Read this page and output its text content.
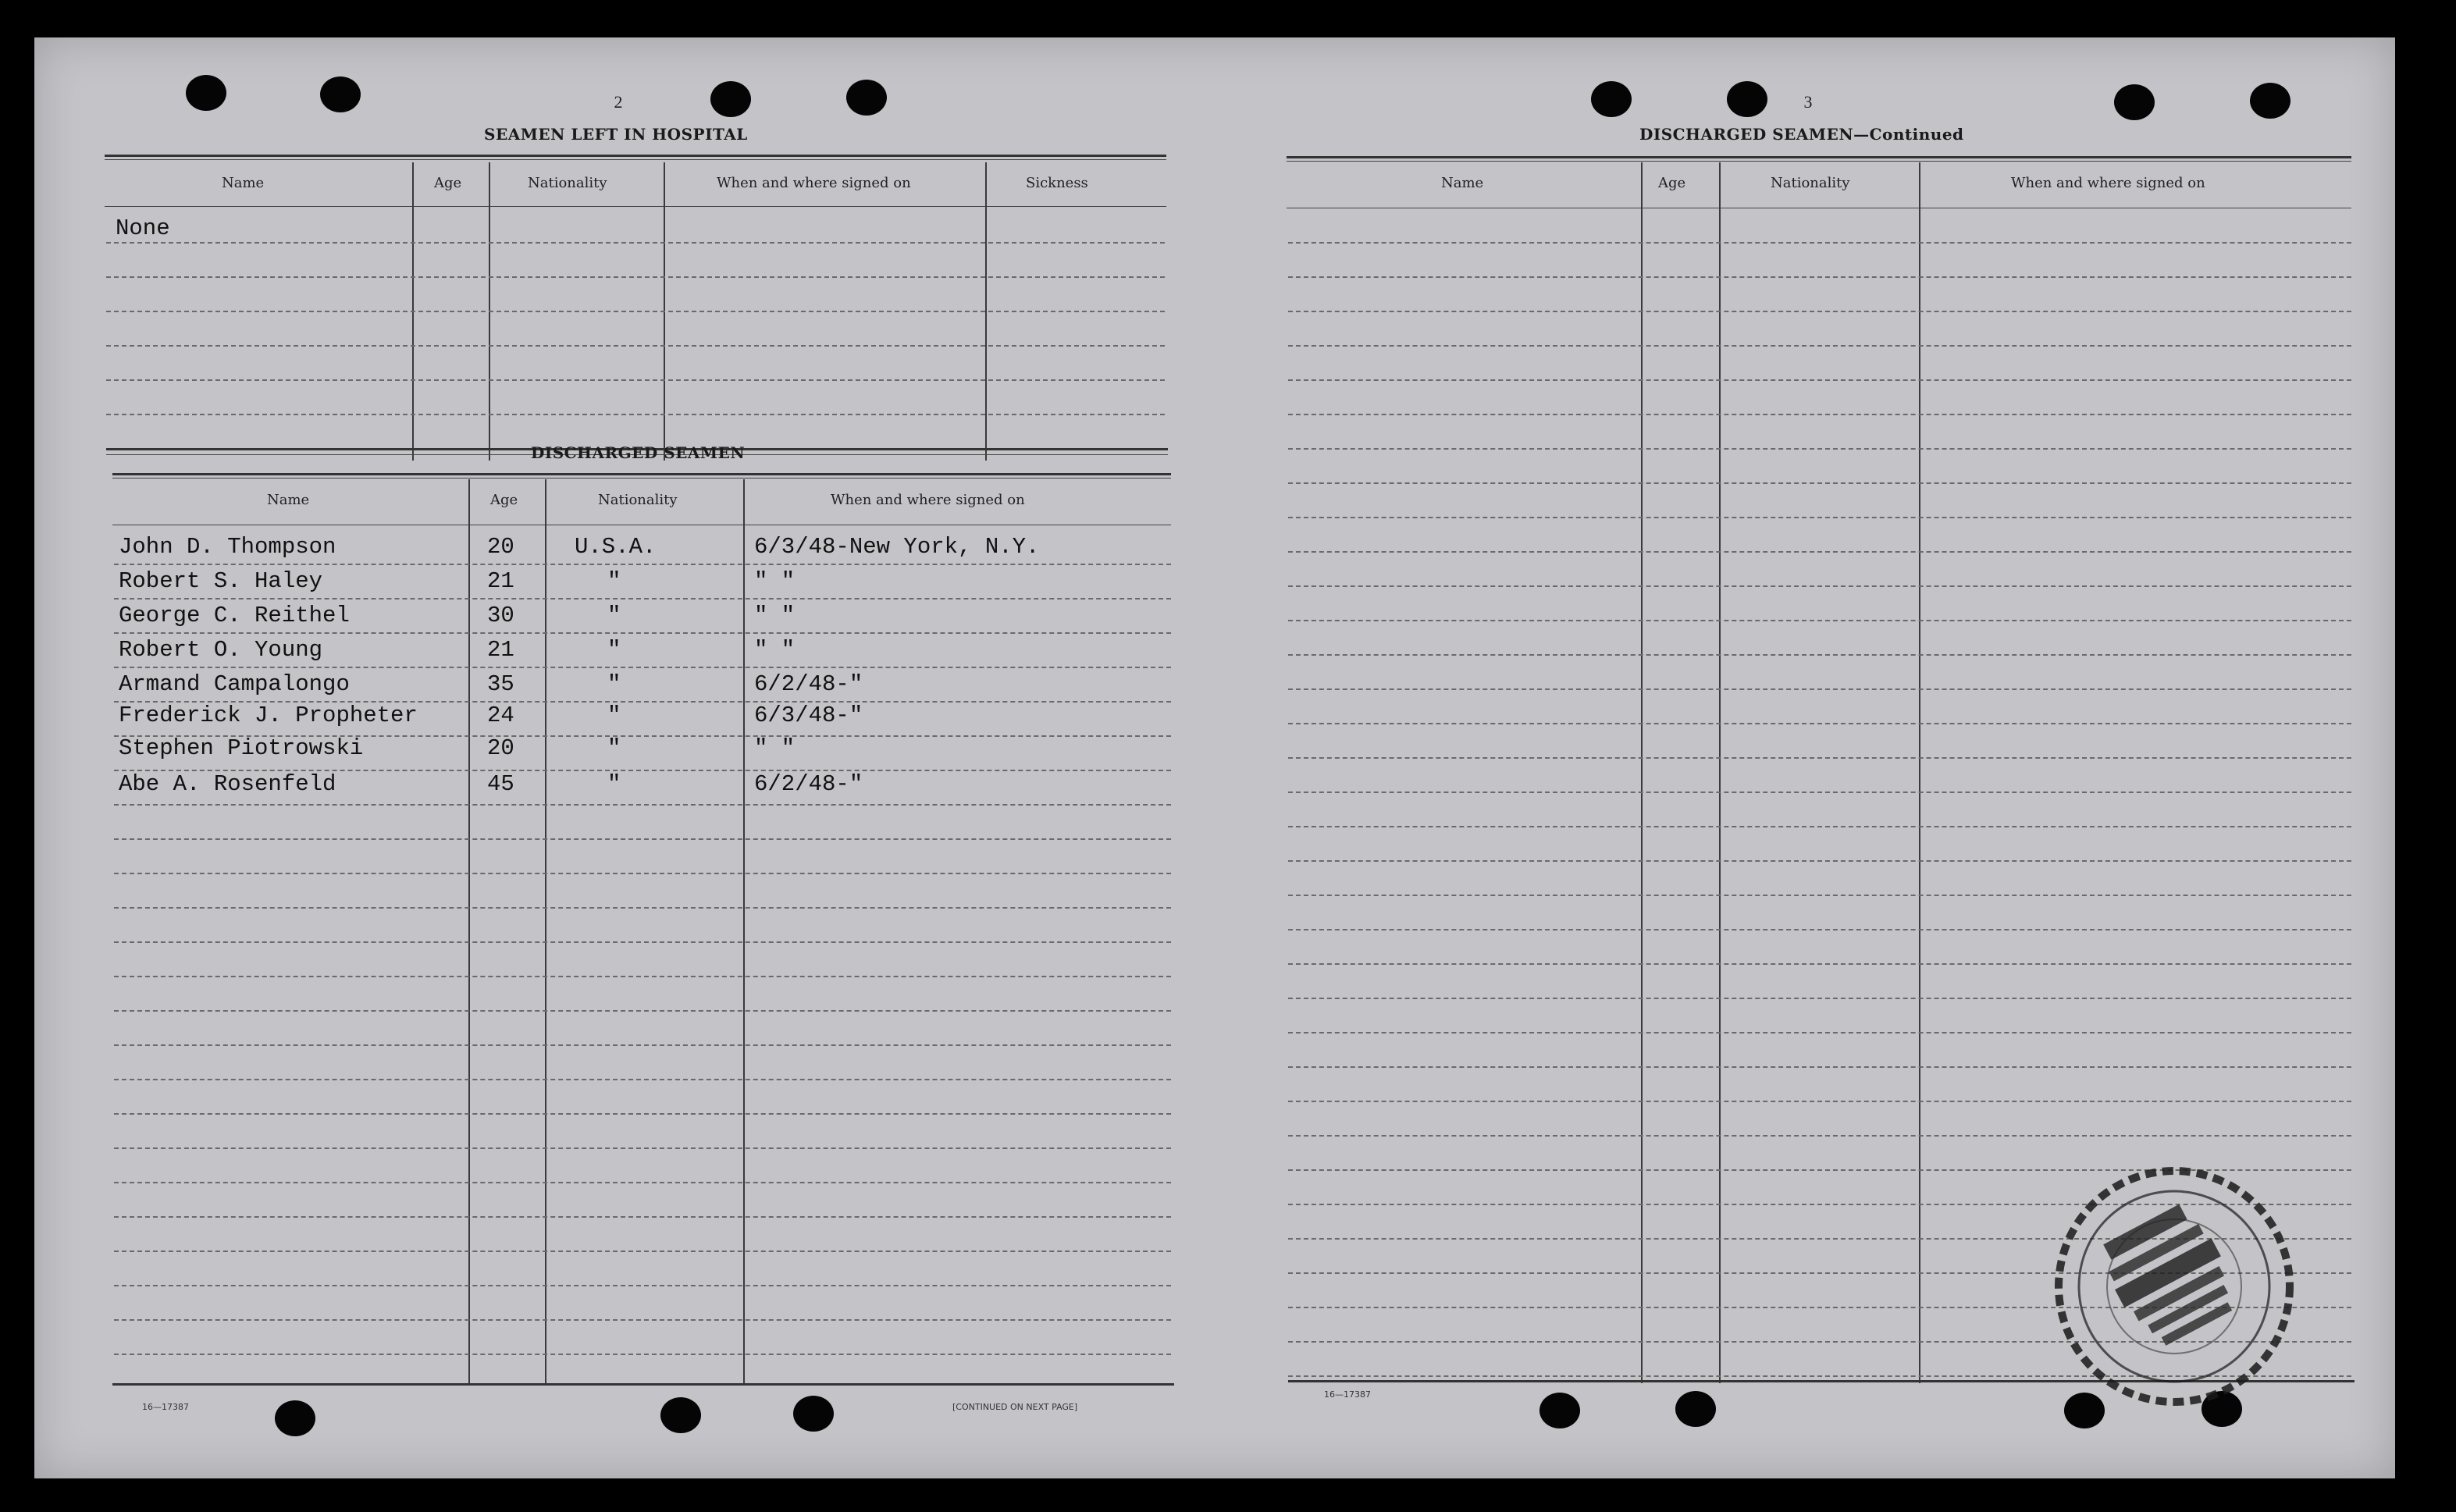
2
SEAMEN LEFT IN HOSPITAL
Name	Age	Nationality	When and where signed on	Sickness
None
DISCHARGED SEAMEN
Name	Age	Nationality	When and where signed on
John D. Thompson	20	U.S.A.	6/3/48-New York, N.Y.
Robert S. Haley	21	"	" "
George C. Reithel	30	"	" "
Robert O. Young	21	"	" "
Armand Campalongo	35	"	6/2/48-"
Frederick J. Propheter	24	"	6/3/48-"
Stephen Piotrowski	20	"	" "
Abe A. Rosenfeld	45	"	6/2/48-"
16—17387	[CONTINUED ON NEXT PAGE]
3
DISCHARGED SEAMEN—Continued
Name	Age	Nationality	When and where signed on
16—17387
